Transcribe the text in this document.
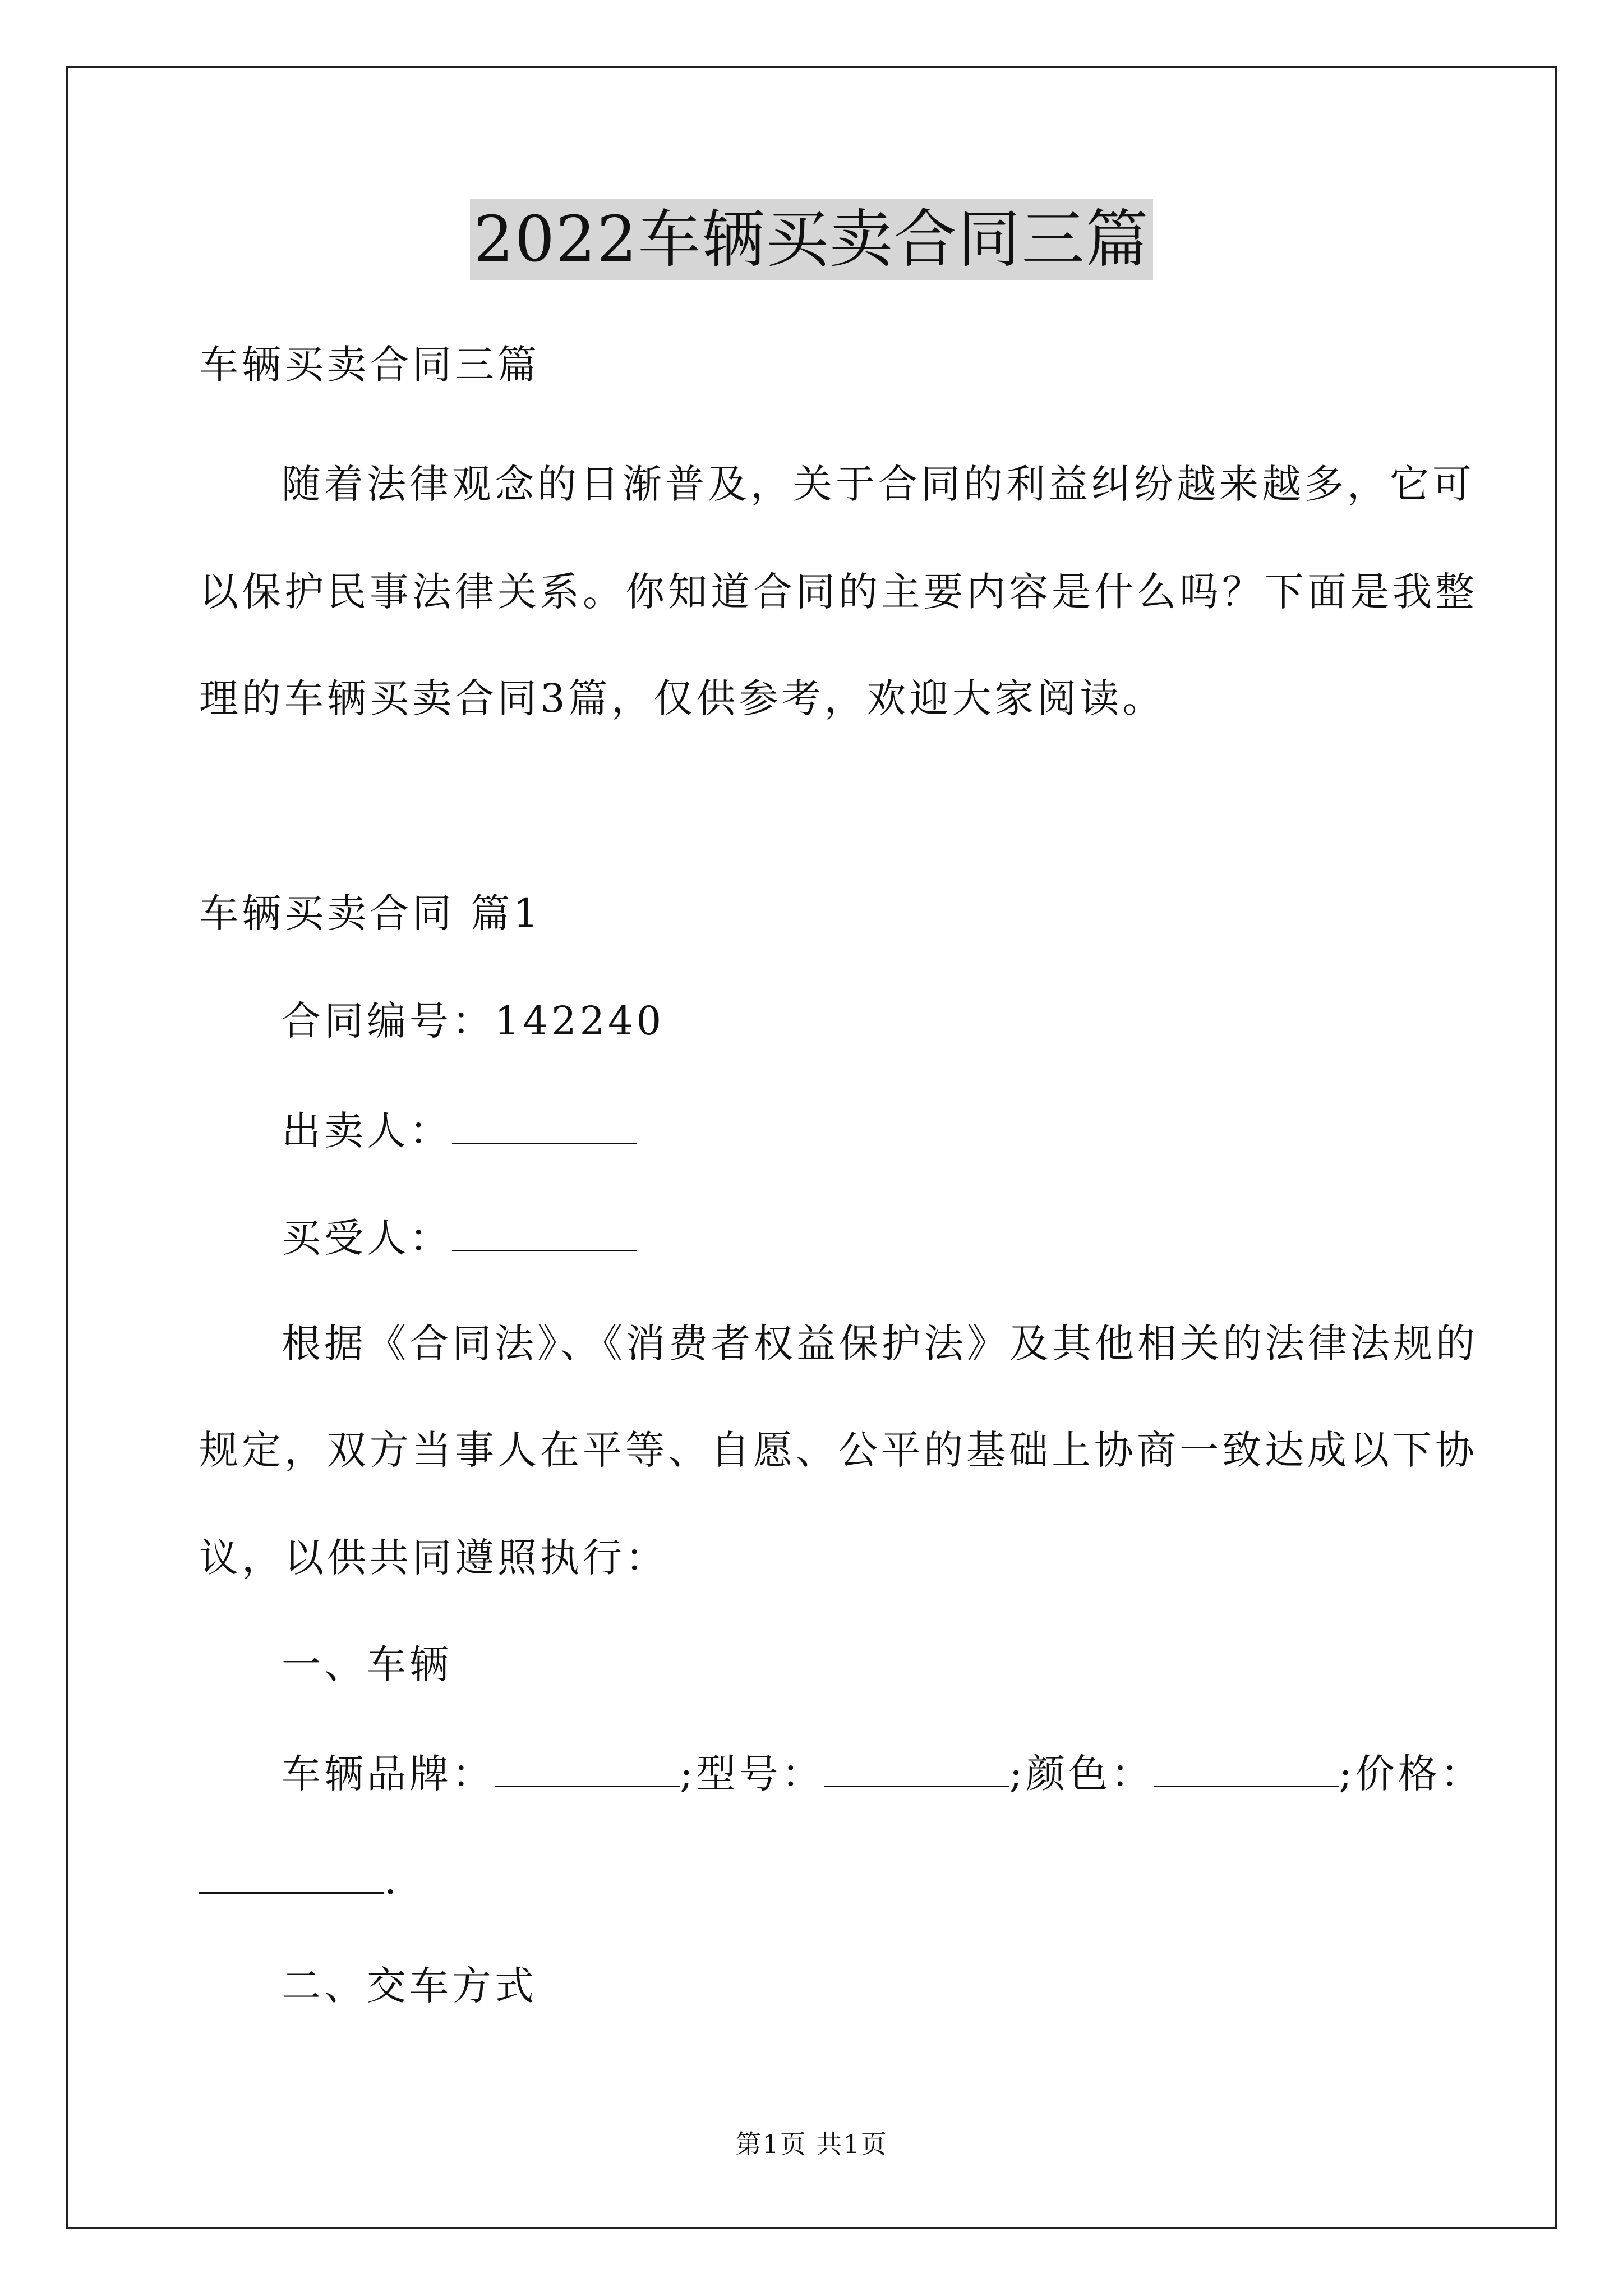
2022车辆买卖合同三篇
车辆买卖合同三篇
随着法律观念的日渐普及，关于合同的利益纠纷越来越多，它可
以保护民事法律关系。你知道合同的主要内容是什么吗？下面是我整
理的车辆买卖合同3篇，仅供参考，欢迎大家阅读。
车辆买卖合同 篇1
合同编号：142240
出卖人：
买受人：
根据《合同法》、《消费者权益保护法》及其他相关的法律法规的
规定，双方当事人在平等、自愿、公平的基础上协商一致达成以下协
议，以供共同遵照执行：
一、车辆
车辆品牌：	;型号：	;颜色：	;价格：
.
二、交车方式
第1页 共1页
